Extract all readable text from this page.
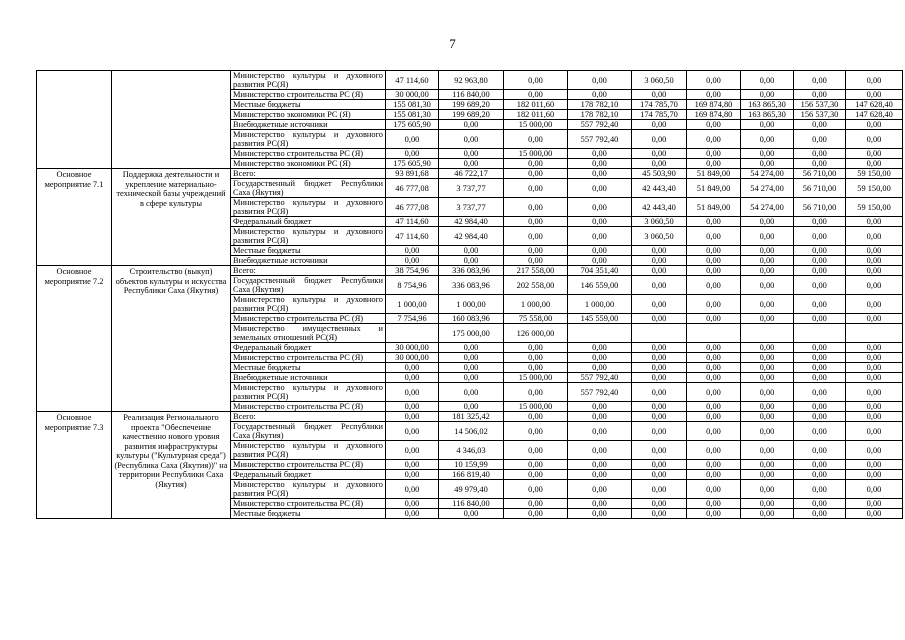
7
		Министерство культуры и духовного развития РС(Я)	47 114,60	92 963,80	0,00	0,00	3 060,50	0,00	0,00	0,00	0,00
		Министерство строительства РС (Я)	30 000,00	116 840,00	0,00	0,00	0,00	0,00	0,00	0,00	0,00
		Местные бюджеты	155 081,30	199 689,20	182 011,60	178 782,10	174 785,70	169 874,80	163 865,30	156 537,30	147 628,40
		Министерство экономики РС (Я)	155 081,30	199 689,20	182 011,60	178 782,10	174 785,70	169 874,80	163 865,30	156 537,30	147 628,40
		Внебюджетные источники	175 605,90	0,00	15 000,00	557 792,40	0,00	0,00	0,00	0,00	0,00
		Министерство культуры и духовного развития РС(Я)	0,00	0,00	0,00	557 792,40	0,00	0,00	0,00	0,00	0,00
		Министерство строительства РС (Я)	0,00	0,00	15 000,00	0,00	0,00	0,00	0,00	0,00	0,00
		Министерство экономики РС (Я)	175 605,90	0,00	0,00	0,00	0,00	0,00	0,00	0,00	0,00
Основное мероприятие 7.1	Поддержка деятельности и укрепление материально-технической базы учреждений в сфере культуры	Всего:	93 891,68	46 722,17	0,00	0,00	45 503,90	51 849,00	54 274,00	56 710,00	59 150,00
		Государственный бюджет Республики Саха (Якутия)	46 777,08	3 737,77	0,00	0,00	42 443,40	51 849,00	54 274,00	56 710,00	59 150,00
		Министерство культуры и духовного развития РС(Я)	46 777,08	3 737,77	0,00	0,00	42 443,40	51 849,00	54 274,00	56 710,00	59 150,00
		Федеральный бюджет	47 114,60	42 984,40	0,00	0,00	3 060,50	0,00	0,00	0,00	0,00
		Министерство культуры и духовного развития РС(Я)	47 114,60	42 984,40	0,00	0,00	3 060,50	0,00	0,00	0,00	0,00
		Местные бюджеты	0,00	0,00	0,00	0,00	0,00	0,00	0,00	0,00	0,00
		Внебюджетные источники	0,00	0,00	0,00	0,00	0,00	0,00	0,00	0,00	0,00
Основное мероприятие 7.2	Строительство (выкуп) объектов культуры и искусства Республики Саха (Якутия)	Всего:	38 754,96	336 083,96	217 558,00	704 351,40	0,00	0,00	0,00	0,00	0,00
		Государственный бюджет Республики Саха (Якутия)	8 754,96	336 083,96	202 558,00	146 559,00	0,00	0,00	0,00	0,00	0,00
		Министерство культуры и духовного развития РС(Я)	1 000,00	1 000,00	1 000,00	1 000,00	0,00	0,00	0,00	0,00	0,00
		Министерство строительства РС (Я)	7 754,96	160 083,96	75 558,00	145 559,00	0,00	0,00	0,00	0,00	0,00
		Министерство имущественных и земельных отношений РС(Я)		175 000,00	126 000,00						
		Федеральный бюджет	30 000,00	0,00	0,00	0,00	0,00	0,00	0,00	0,00	0,00
		Министерство строительства РС (Я)	30 000,00	0,00	0,00	0,00	0,00	0,00	0,00	0,00	0,00
		Местные бюджеты	0,00	0,00	0,00	0,00	0,00	0,00	0,00	0,00	0,00
		Внебюджетные источники	0,00	0,00	15 000,00	557 792,40	0,00	0,00	0,00	0,00	0,00
		Министерство культуры и духовного развития РС(Я)	0,00	0,00	0,00	557 792,40	0,00	0,00	0,00	0,00	0,00
		Министерство строительства РС (Я)	0,00	0,00	15 000,00	0,00	0,00	0,00	0,00	0,00	0,00
Основное мероприятие 7.3	Реализация Регионального проекта "Обеспечение качественно нового уровня развития инфраструктуры культуры ("Культурная среда") (Республика Саха (Якутия))" на территории Республики Саха (Якутия)	Всего:	0,00	181 325,42	0,00	0,00	0,00	0,00	0,00	0,00	0,00
		Государственный бюджет Республики Саха (Якутия)	0,00	14 506,02	0,00	0,00	0,00	0,00	0,00	0,00	0,00
		Министерство культуры и духовного развития РС(Я)	0,00	4 346,03	0,00	0,00	0,00	0,00	0,00	0,00	0,00
		Министерство строительства РС (Я)	0,00	10 159,99	0,00	0,00	0,00	0,00	0,00	0,00	0,00
		Федеральный бюджет	0,00	166 819,40	0,00	0,00	0,00	0,00	0,00	0,00	0,00
		Министерство культуры и духовного развития РС(Я)	0,00	49 979,40	0,00	0,00	0,00	0,00	0,00	0,00	0,00
		Министерство строительства РС (Я)	0,00	116 840,00	0,00	0,00	0,00	0,00	0,00	0,00	0,00
		Местные бюджеты	0,00	0,00	0,00	0,00	0,00	0,00	0,00	0,00	0,00
